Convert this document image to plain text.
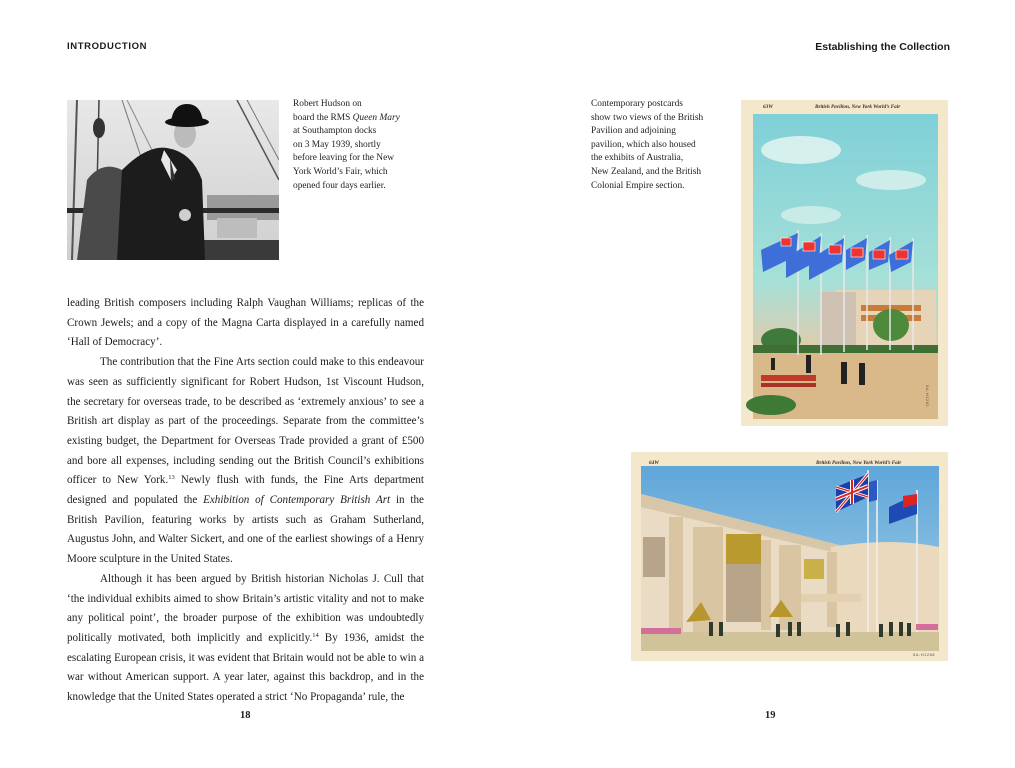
INTRODUCTION
Robert Hudson on
board the RMS Queen Mary
at Southampton docks
on 3 May 1939, shortly
before leaving for the New
York World’s Fair, which
opened four days earlier.

leading British composers including Ralph Vaughan Williams; replicas of the Crown Jewels; and a copy of the Magna Carta displayed in a carefully named ‘Hall of Democracy’.

The contribution that the Fine Arts section could make to this endeavour was seen as sufficiently significant for Robert Hudson, 1st Viscount Hudson, the secretary for overseas trade, to be described as ‘extremely anxious’ to see a British art display as part of the proceedings. Separate from the committee’s existing budget, the Department for Overseas Trade provided a grant of £500 and bore all expenses, including sending out the British Council’s exhibitions officer to New York.$^{13}$ Newly flush with funds, the Fine Arts department designed and populated the Exhibition of Contemporary British Art in the British Pavilion, featuring works by artists such as Graham Sutherland, Augustus John, and Walter Sickert, and one of the earliest showings of a Henry Moore sculpture in the United States.

Although it has been argued by British historian Nicholas J. Cull that ‘the individual exhibits aimed to show Britain’s artistic vitality and not to make any political point’, the broader purpose of the exhibition was undoubtedly politically motivated, both implicitly and explicitly.$^{14}$ By 1936, amidst the escalating European crisis, it was evident that Britain would not be able to win a war without American support. A year later, against this backdrop, and in the knowledge that the United States operated a strict ‘No Propaganda’ rule, the

18
Establishing the Collection
Contemporary postcards
show two views of the British
Pavilion and adjoining
pavilion, which also housed
the exhibits of Australia,
New Zealand, and the British
Colonial Empire section.
63W	British Pavilion, New York World’s Fair
5A-H1263
64W	British Pavilion, New York World’s Fair
5A-H1268
19
